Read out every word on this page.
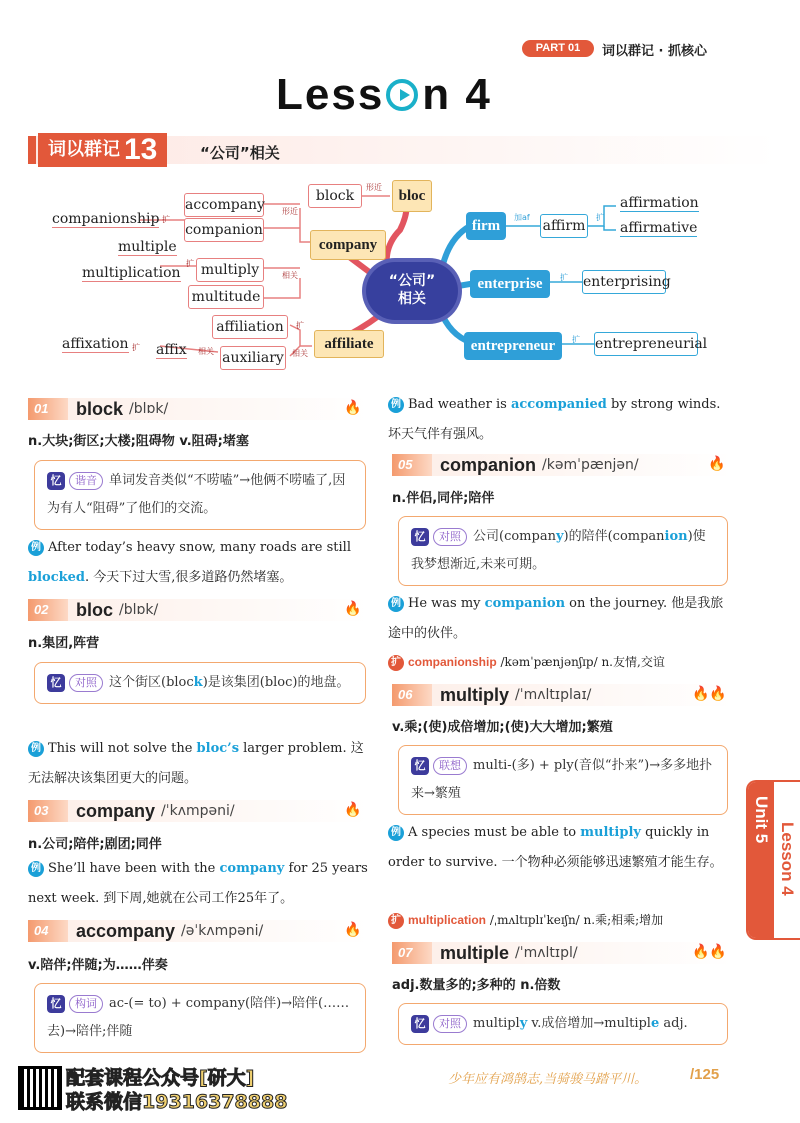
PART 01	词以群记 · 抓核心
Less n 4
词以群记 13	“公司”相关
block
形近
bloc
accompany
companion
形近
companionship 扩
company
multiple
multiplication
扩 multiply	相关
multitude
affiliation	扩
affiliate
相关
auxiliary
affix 相关
扩
affixation
“公司”
相关
firm
加af
affirm
扩
affirmation
affirmative
enterprise	扩 enterprising
entrepreneur	扩 entrepreneurial
01	block /blɒk/	🔥
n.大块;街区;大楼;阻碍物 v.阻碍;堵塞
忆 谐音 单词发音类似“不唠嗑”→他俩不唠嗑了,因为有人“阻碍”了他们的交流。
例 After today’s heavy snow, many roads are still blocked. 今天下过大雪,很多道路仍然堵塞。
02	bloc /blɒk/	🔥
n.集团,阵营
忆 对照 这个街区(block)是该集团(bloc)的地盘。
例 This will not solve the bloc’s larger problem. 这无法解决该集团更大的问题。
03	company /ˈkʌmpəni/	🔥
n.公司;陪伴;剧团;同伴
例 She’ll have been with the company for 25 years next week. 到下周,她就在公司工作25年了。
04	accompany /əˈkʌmpəni/	🔥
v.陪伴;伴随;为……伴奏
忆 构词 ac-(= to) + company(陪伴)→陪伴(……去)→陪伴;伴随
例 Bad weather is accompanied by strong winds. 坏天气伴有强风。
05	companion /kəmˈpænjən/	🔥
n.伴侣,同伴;陪伴
忆 对照 公司(company)的陪伴(companion)使我梦想渐近,未来可期。
例 He was my companion on the journey. 他是我旅途中的伙伴。
扩 companionship /kəmˈpænjənʃɪp/ n.友情,交谊
06	multiply /ˈmʌltɪplaɪ/	🔥🔥
v.乘;(使)成倍增加;(使)大大增加;繁殖
忆 联想 multi-(多) + ply(音似“扑来”)→多多地扑来→繁殖
例 A species must be able to multiply quickly in order to survive. 一个物种必须能够迅速繁殖才能生存。
扩 multiplication /ˌmʌltɪplɪˈkeɪʃn/ n.乘;相乘;增加
07	multiple /ˈmʌltɪpl/	🔥🔥
adj.数量多的;多种的 n.倍数
忆 对照 multiply v.成倍增加→multiple adj.
Unit 5
Lesson 4
配套课程公众号[研大]
联系微信19316378888
少年应有鸿鹄志,当骑骏马踏平川。	/125
